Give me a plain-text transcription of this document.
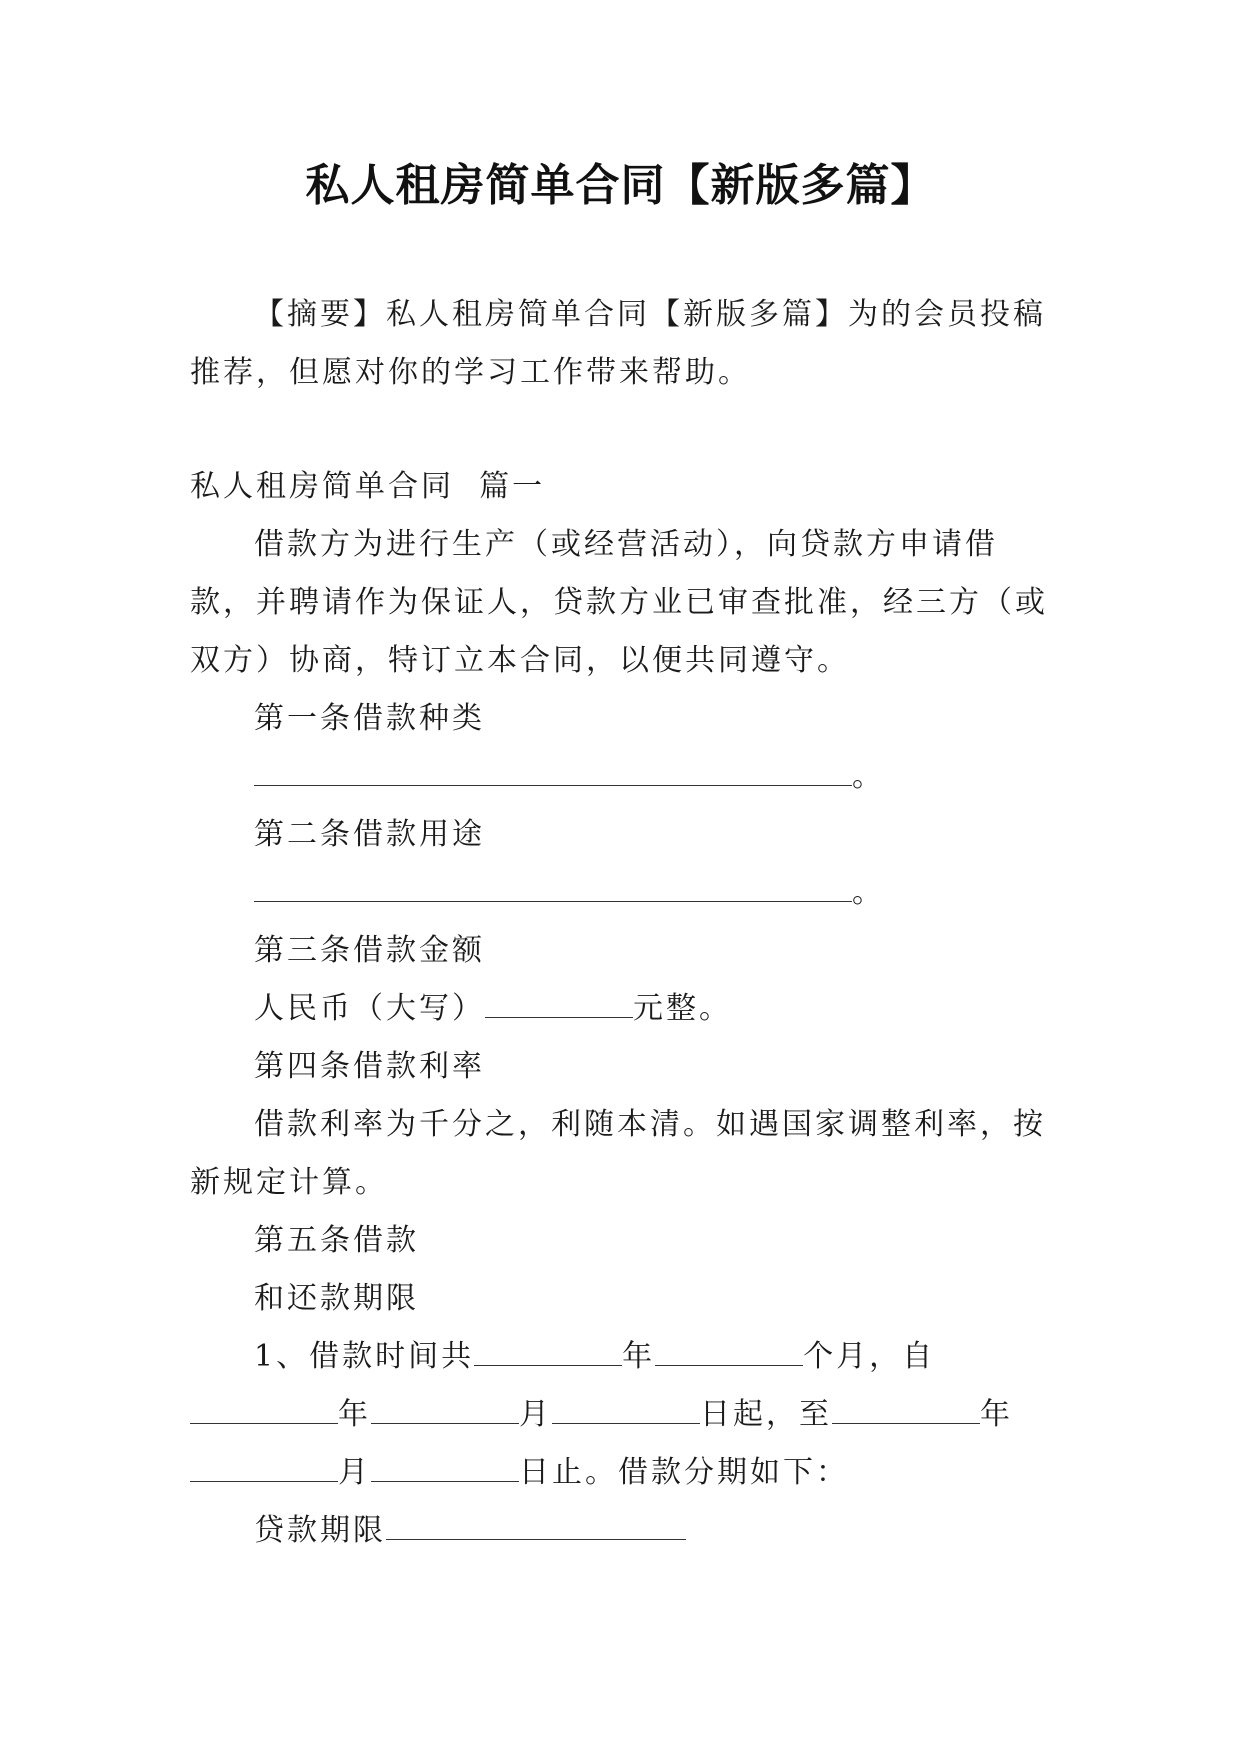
私人租房简单合同【新版多篇】

【摘要】私人租房简单合同【新版多篇】为的会员投稿推荐，但愿对你的学习工作带来帮助。

私人租房简单合同  篇一

借款方为进行生产（或经营活动），向贷款方申请借款，并聘请作为保证人，贷款方业已审查批准，经三方（或双方）协商，特订立本合同，以便共同遵守。

第一条借款种类

。

第二条借款用途

。

第三条借款金额

人民币（大写）	元整。

第四条借款利率

借款利率为千分之，利随本清。如遇国家调整利率，按新规定计算。

第五条借款

和还款期限

1、借款时间共	年	个月，自年	月	日起，至	年月	日止。借款分期如下：

贷款期限
